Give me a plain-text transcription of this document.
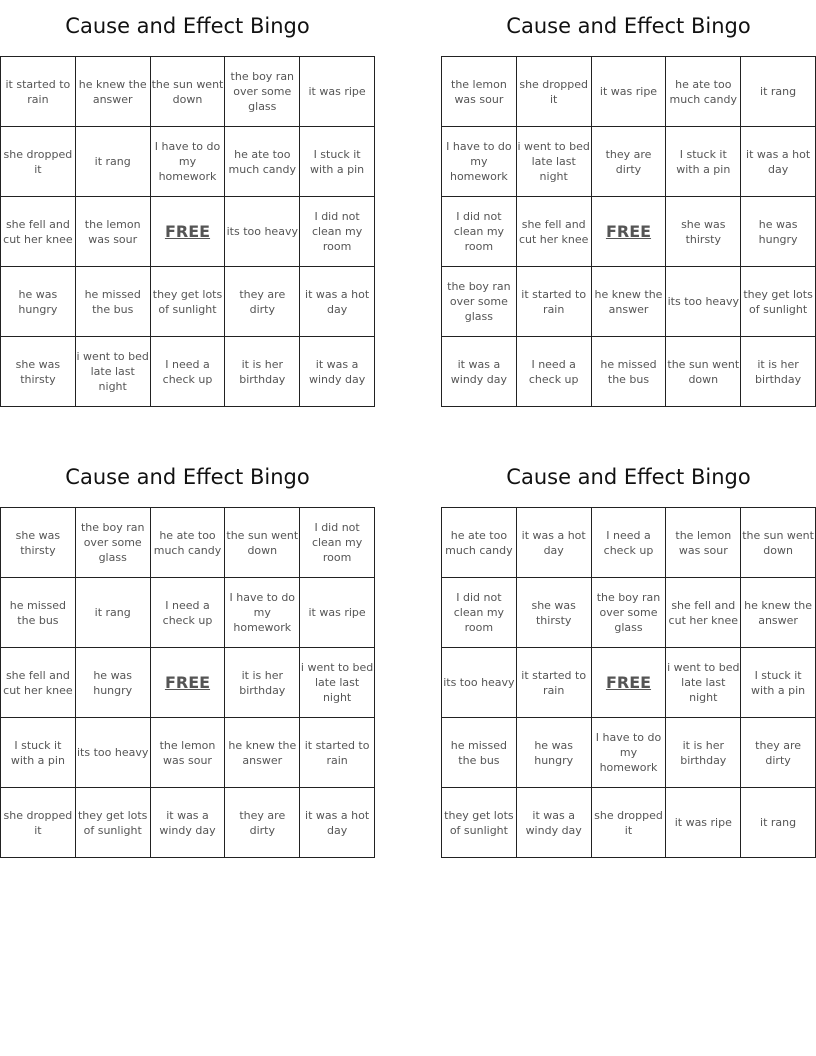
Cause and Effect Bingo
it started to rain	he knew the answer	the sun went down	the boy ran over some glass	it was ripe
she dropped it	it rang	I have to do my homework	he ate too much candy	I stuck it with a pin
she fell and cut her knee	the lemon was sour	FREE	its too heavy	I did not clean my room
he was hungry	he missed the bus	they get lots of sunlight	they are dirty	it was a hot day
she was thirsty	i went to bed late last night	I need a check up	it is her birthday	it was a windy day
Cause and Effect Bingo
the lemon was sour	she dropped it	it was ripe	he ate too much candy	it rang
I have to do my homework	i went to bed late last night	they are dirty	I stuck it with a pin	it was a hot day
I did not clean my room	she fell and cut her knee	FREE	she was thirsty	he was hungry
the boy ran over some glass	it started to rain	he knew the answer	its too heavy	they get lots of sunlight
it was a windy day	I need a check up	he missed the bus	the sun went down	it is her birthday
Cause and Effect Bingo
she was thirsty	the boy ran over some glass	he ate too much candy	the sun went down	I did not clean my room
he missed the bus	it rang	I need a check up	I have to do my homework	it was ripe
she fell and cut her knee	he was hungry	FREE	it is her birthday	i went to bed late last night
I stuck it with a pin	its too heavy	the lemon was sour	he knew the answer	it started to rain
she dropped it	they get lots of sunlight	it was a windy day	they are dirty	it was a hot day
Cause and Effect Bingo
he ate too much candy	it was a hot day	I need a check up	the lemon was sour	the sun went down
I did not clean my room	she was thirsty	the boy ran over some glass	she fell and cut her knee	he knew the answer
its too heavy	it started to rain	FREE	i went to bed late last night	I stuck it with a pin
he missed the bus	he was hungry	I have to do my homework	it is her birthday	they are dirty
they get lots of sunlight	it was a windy day	she dropped it	it was ripe	it rang
